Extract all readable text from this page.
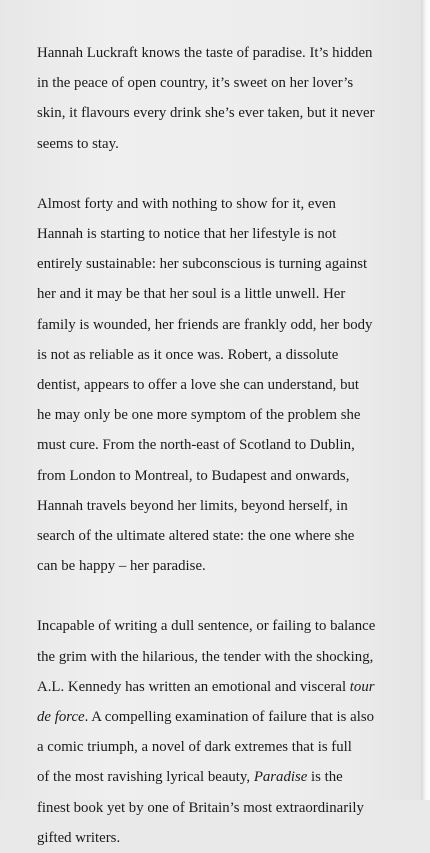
Hannah Luckraft knows the taste of paradise. It’s hidden
in the peace of open country, it’s sweet on her lover’s
skin, it flavours every drink she’s ever taken, but it never
seems to stay.

Almost forty and with nothing to show for it, even
Hannah is starting to notice that her lifestyle is not
entirely sustainable: her subconscious is turning against
her and it may be that her soul is a little unwell. Her
family is wounded, her friends are frankly odd, her body
is not as reliable as it once was. Robert, a dissolute
dentist, appears to offer a love she can understand, but
he may only be one more symptom of the problem she
must cure. From the north-east of Scotland to Dublin,
from London to Montreal, to Budapest and onwards,
Hannah travels beyond her limits, beyond herself, in
search of the ultimate altered state: the one where she
can be happy – her paradise.

Incapable of writing a dull sentence, or failing to balance
the grim with the hilarious, the tender with the shocking,
A.L. Kennedy has written an emotional and visceral tour
de force. A compelling examination of failure that is also
a comic triumph, a novel of dark extremes that is full
of the most ravishing lyrical beauty, Paradise is the
finest book yet by one of Britain’s most extraordinarily
gifted writers.
